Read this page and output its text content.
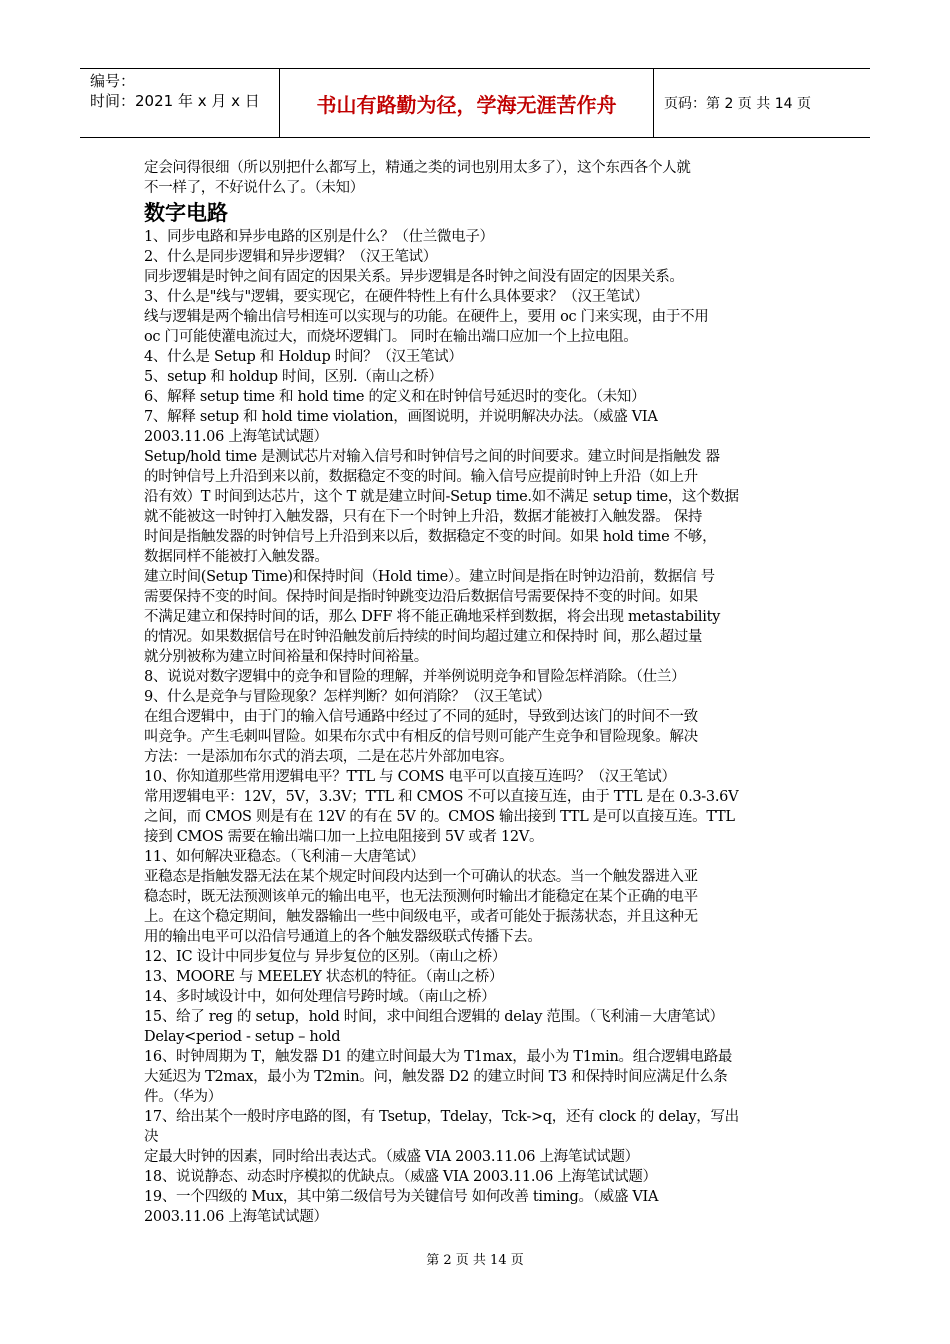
编号：
时间：2021 年 x 月 x 日	书山有路勤为径，学海无涯苦作舟	页码：第 2 页 共 14 页
定会问得很细（所以别把什么都写上，精通之类的词也别用太多了），这个东西各个人就
不一样了，不好说什么了。（未知）
数字电路
1、同步电路和异步电路的区别是什么？（仕兰微电子）
2、什么是同步逻辑和异步逻辑？（汉王笔试）
同步逻辑是时钟之间有固定的因果关系。异步逻辑是各时钟之间没有固定的因果关系。
3、什么是"线与"逻辑，要实现它，在硬件特性上有什么具体要求？（汉王笔试）
线与逻辑是两个输出信号相连可以实现与的功能。在硬件上，要用 oc 门来实现，由于不用
oc 门可能使灌电流过大，而烧坏逻辑门。 同时在输出端口应加一个上拉电阻。
4、什么是 Setup 和 Holdup 时间？（汉王笔试）
5、setup 和 holdup 时间，区别.（南山之桥）
6、解释 setup time 和 hold time 的定义和在时钟信号延迟时的变化。（未知）
7、解释 setup 和 hold time violation，画图说明，并说明解决办法。（威盛 VIA
2003.11.06 上海笔试试题）
Setup/hold time 是测试芯片对输入信号和时钟信号之间的时间要求。建立时间是指触发 器
的时钟信号上升沿到来以前，数据稳定不变的时间。输入信号应提前时钟上升沿（如上升
沿有效）T 时间到达芯片，这个 T 就是建立时间-Setup time.如不满足 setup time，这个数据
就不能被这一时钟打入触发器，只有在下一个时钟上升沿，数据才能被打入触发器。 保持
时间是指触发器的时钟信号上升沿到来以后，数据稳定不变的时间。如果 hold time 不够，
数据同样不能被打入触发器。
建立时间(Setup Time)和保持时间（Hold time）。建立时间是指在时钟边沿前，数据信 号
需要保持不变的时间。保持时间是指时钟跳变边沿后数据信号需要保持不变的时间。如果
不满足建立和保持时间的话，那么 DFF 将不能正确地采样到数据，将会出现 metastability
的情况。如果数据信号在时钟沿触发前后持续的时间均超过建立和保持时 间，那么超过量
就分别被称为建立时间裕量和保持时间裕量。
8、说说对数字逻辑中的竞争和冒险的理解，并举例说明竞争和冒险怎样消除。（仕兰）
9、什么是竞争与冒险现象？怎样判断？如何消除？（汉王笔试）
在组合逻辑中，由于门的输入信号通路中经过了不同的延时，导致到达该门的时间不一致
叫竞争。产生毛刺叫冒险。如果布尔式中有相反的信号则可能产生竞争和冒险现象。解决
方法：一是添加布尔式的消去项，二是在芯片外部加电容。
10、你知道那些常用逻辑电平？TTL 与 COMS 电平可以直接互连吗？（汉王笔试）
常用逻辑电平：12V，5V，3.3V；TTL 和 CMOS 不可以直接互连，由于 TTL 是在 0.3-3.6V
之间，而 CMOS 则是有在 12V 的有在 5V 的。CMOS 输出接到 TTL 是可以直接互连。TTL
接到 CMOS 需要在输出端口加一上拉电阻接到 5V 或者 12V。
11、如何解决亚稳态。（飞利浦－大唐笔试）
亚稳态是指触发器无法在某个规定时间段内达到一个可确认的状态。当一个触发器进入亚
稳态时，既无法预测该单元的输出电平，也无法预测何时输出才能稳定在某个正确的电平
上。在这个稳定期间，触发器输出一些中间级电平，或者可能处于振荡状态，并且这种无
用的输出电平可以沿信号通道上的各个触发器级联式传播下去。
12、IC 设计中同步复位与 异步复位的区别。（南山之桥）
13、MOORE 与 MEELEY 状态机的特征。（南山之桥）
14、多时域设计中，如何处理信号跨时域。（南山之桥）
15、给了 reg 的 setup，hold 时间，求中间组合逻辑的 delay 范围。（飞利浦－大唐笔试）
Delay<period - setup – hold
16、时钟周期为 T，触发器 D1 的建立时间最大为 T1max，最小为 T1min。组合逻辑电路最
大延迟为 T2max，最小为 T2min。问，触发器 D2 的建立时间 T3 和保持时间应满足什么条
件。（华为）
17、给出某个一般时序电路的图，有 Tsetup，Tdelay，Tck->q，还有 clock 的 delay，写出
决
定最大时钟的因素，同时给出表达式。（威盛 VIA 2003.11.06 上海笔试试题）
18、说说静态、动态时序模拟的优缺点。（威盛 VIA 2003.11.06 上海笔试试题）
19、一个四级的 Mux，其中第二级信号为关键信号 如何改善 timing。（威盛 VIA
2003.11.06 上海笔试试题）
第 2 页 共 14 页
